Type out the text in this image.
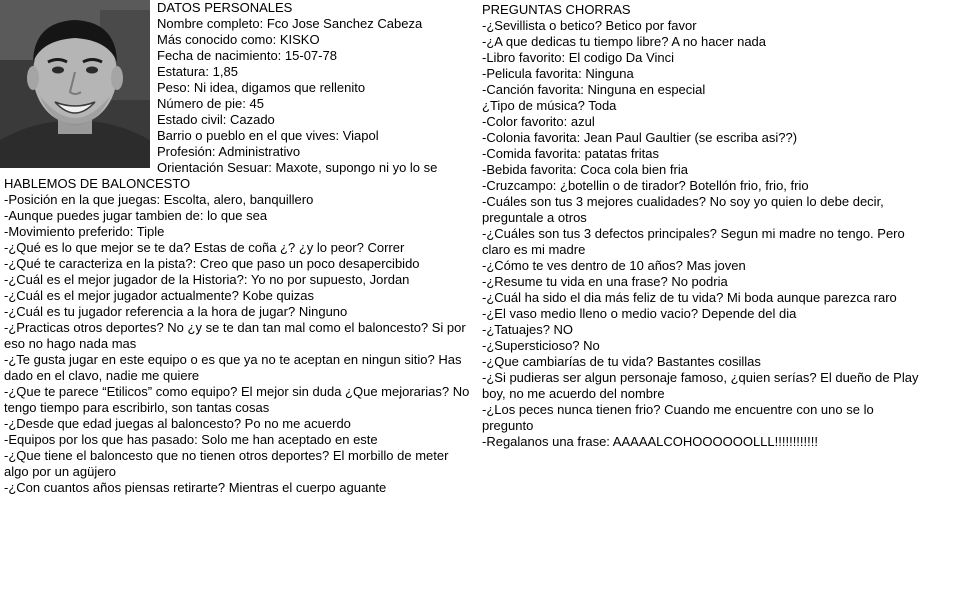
DATOS PERSONALES
Nombre completo: Fco Jose Sanchez Cabeza
Más conocido como: KISKO
Fecha de nacimiento: 15-07-78
Estatura: 1,85
Peso: Ni idea, digamos que rellenito
Número de pie: 45
Estado civil: Cazado
Barrio o pueblo en el que vives: Viapol
Profesión: Administrativo
Orientación Sesuar: Maxote, supongo ni yo lo se
HABLEMOS DE BALONCESTO
-Posición en la que juegas: Escolta, alero, banquillero
-Aunque puedes jugar tambien de: lo que sea
-Movimiento preferido: Tiple
-¿Qué es lo que mejor se te da? Estas de coña ¿? ¿y lo peor? Correr
-¿Qué te caracteriza en la pista?: Creo que paso un poco desapercibido
-¿Cuál es el mejor jugador de la Historia?: Yo no por supuesto, Jordan
-¿Cuál es el mejor jugador actualmente? Kobe quizas
-¿Cuál es tu jugador referencia a la hora de jugar? Ninguno
-¿Practicas otros deportes? No ¿y se te dan tan mal como el baloncesto? Si por eso no hago nada mas
-¿Te gusta jugar en este equipo o es que ya no te aceptan en ningun sitio? Has dado en el clavo, nadie me quiere
-¿Que te parece “Etilicos” como equipo? El mejor sin duda ¿Que mejorarias? No tengo tiempo para escribirlo, son tantas cosas
-¿Desde que edad juegas al baloncesto? Po no me acuerdo
-Equipos por los que has pasado: Solo me han aceptado en este
-¿Que tiene el baloncesto que no tienen otros deportes? El morbillo de meter algo por un agüjero
-¿Con cuantos años piensas retirarte? Mientras el cuerpo aguante
PREGUNTAS CHORRAS
-¿Sevillista o betico? Betico por favor
-¿A que dedicas tu tiempo libre? A no hacer nada
-Libro favorito: El codigo Da Vinci
-Pelicula favorita: Ninguna
-Canción favorita: Ninguna en especial
¿Tipo de música? Toda
-Color favorito: azul
-Colonia favorita: Jean Paul Gaultier (se escriba asi??)
-Comida favorita: patatas fritas
-Bebida favorita: Coca cola bien fria
-Cruzcampo: ¿botellin o de tirador? Botellón frio, frio, frio
-Cuáles son tus 3 mejores cualidades? No soy yo quien lo debe decir, preguntale a otros
-¿Cuáles son tus 3 defectos principales? Segun mi madre no tengo. Pero claro es mi madre
-¿Cómo te ves dentro de 10 años? Mas joven
-¿Resume tu vida en una frase? No podria
-¿Cuál ha sido el dia más feliz de tu vida? Mi boda aunque parezca raro
-¿El vaso medio lleno o medio vacio? Depende del dia
-¿Tatuajes? NO
-¿Supersticioso? No
-¿Que cambiarías de tu vida? Bastantes cosillas
-¿Si pudieras ser algun personaje famoso, ¿quien serías? El dueño de Play boy, no me acuerdo del nombre
-¿Los peces nunca tienen frio? Cuando me encuentre con uno se lo pregunto
-Regalanos una frase: AAAAALCOHOOOOOOLLL!!!!!!!!!!!!
